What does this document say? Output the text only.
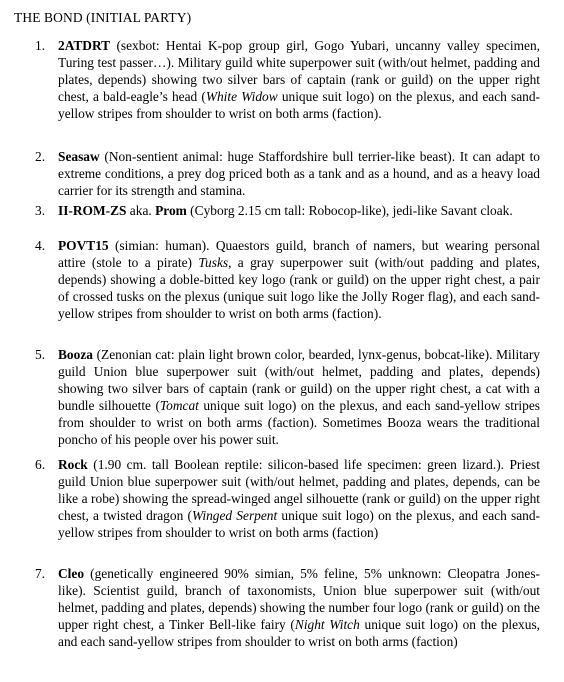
THE BOND (INITIAL PARTY)
1. 2ATDRT (sexbot: Hentai K-pop group girl, Gogo Yubari, uncanny valley specimen, Turing test passer…). Military guild white superpower suit (with/out helmet, padding and plates, depends) showing two silver bars of captain (rank or guild) on the upper right chest, a bald-eagle’s head (White Widow unique suit logo) on the plexus, and each sand-yellow stripes from shoulder to wrist on both arms (faction).
2. Seasaw (Non-sentient animal: huge Staffordshire bull terrier-like beast). It can adapt to extreme conditions, a prey dog priced both as a tank and as a hound, and as a heavy load carrier for its strength and stamina.
3. II-ROM-ZS aka. Prom (Cyborg 2.15 cm tall: Robocop-like), jedi-like Savant cloak.
4. POVT15 (simian: human). Quaestors guild, branch of namers, but wearing personal attire (stole to a pirate) Tusks, a gray superpower suit (with/out padding and plates, depends) showing a doble-bitted key logo (rank or guild) on the upper right chest, a pair of crossed tusks on the plexus (unique suit logo like the Jolly Roger flag), and each sand-yellow stripes from shoulder to wrist on both arms (faction).
5. Booza (Zenonian cat: plain light brown color, bearded, lynx-genus, bobcat-like). Military guild Union blue superpower suit (with/out helmet, padding and plates, depends) showing two silver bars of captain (rank or guild) on the upper right chest, a cat with a bundle silhouette (Tomcat unique suit logo) on the plexus, and each sand-yellow stripes from shoulder to wrist on both arms (faction). Sometimes Booza wears the traditional poncho of his people over his power suit.
6. Rock (1.90 cm. tall Boolean reptile: silicon-based life specimen: green lizard.). Priest guild Union blue superpower suit (with/out helmet, padding and plates, depends, can be like a robe) showing the spread-winged angel silhouette (rank or guild) on the upper right chest, a twisted dragon (Winged Serpent unique suit logo) on the plexus, and each sand-yellow stripes from shoulder to wrist on both arms (faction)
7. Cleo (genetically engineered 90% simian, 5% feline, 5% unknown: Cleopatra Jones-like). Scientist guild, branch of taxonomists, Union blue superpower suit (with/out helmet, padding and plates, depends) showing the number four logo (rank or guild) on the upper right chest, a Tinker Bell-like fairy (Night Witch unique suit logo) on the plexus, and each sand-yellow stripes from shoulder to wrist on both arms (faction)
